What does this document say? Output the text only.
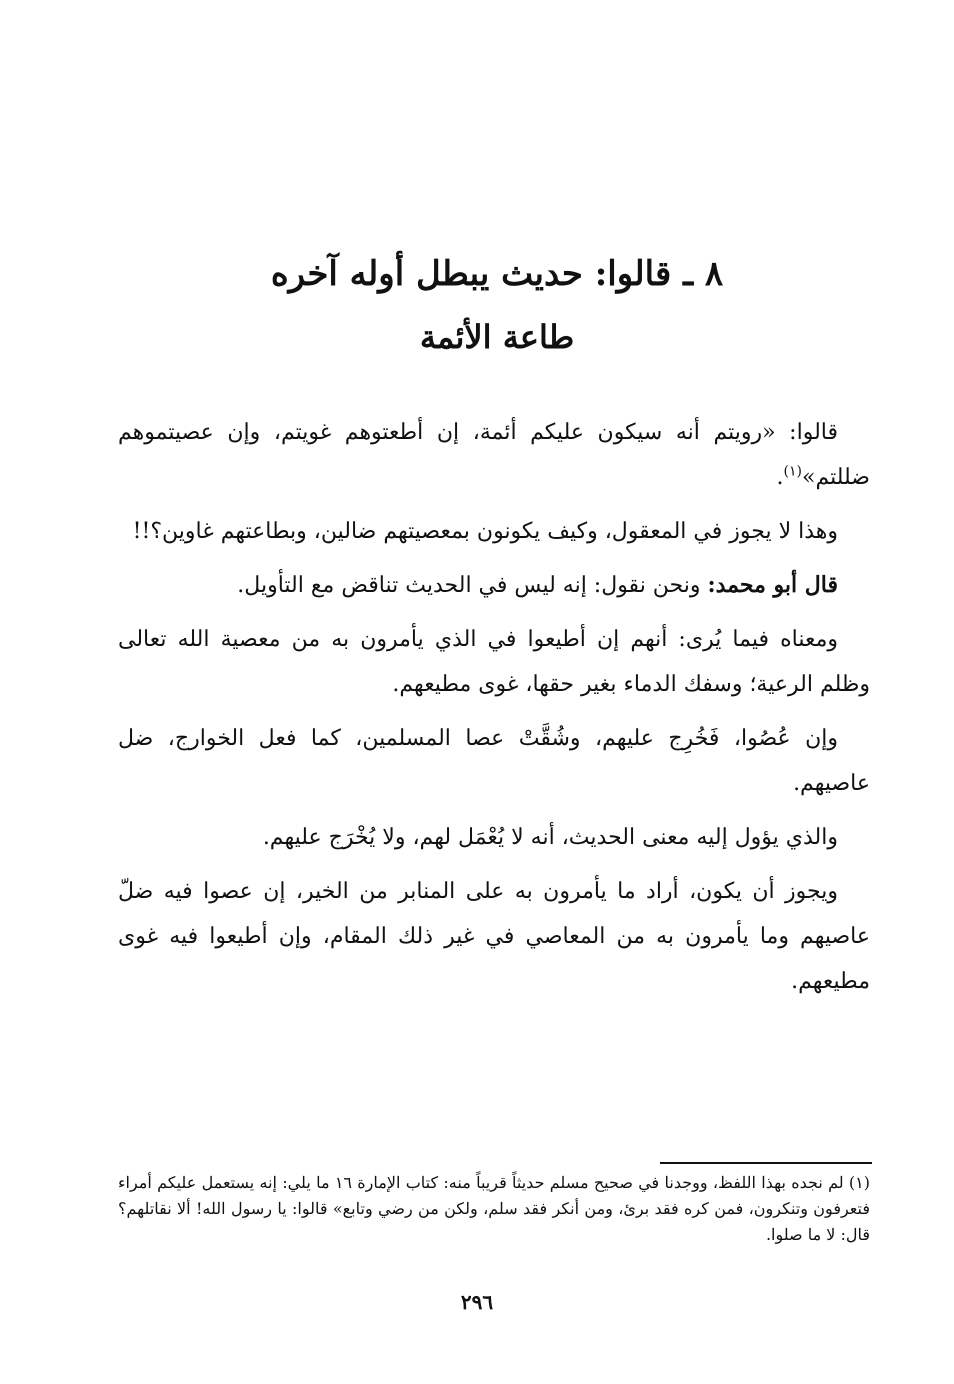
٨ ـ قالوا: حديث يبطل أوله آخره
طاعة الأئمة

قالوا: «رويتم أنه سيكون عليكم أئمة، إن أطعتوهم غويتم، وإن عصيتموهم ضللتم»$^{(١)}$.

وهذا لا يجوز في المعقول، وكيف يكونون بمعصيتهم ضالين، وبطاعتهم غاوين؟!!

قال أبو محمد: ونحن نقول: إنه ليس في الحديث تناقض مع التأويل.

ومعناه فيما يُرى: أنهم إن أطيعوا في الذي يأمرون به من معصية الله تعالى وظلم الرعية؛ وسفك الدماء بغير حقها، غوى مطيعهم.

وإن عُصُوا، فَخُرِج عليهم، وشُقَّتْ عصا المسلمين، كما فعل الخوارج، ضل عاصيهم.

والذي يؤول إليه معنى الحديث، أنه لا يُعْمَل لهم، ولا يُخْرَج عليهم.

ويجوز أن يكون، أراد ما يأمرون به على المنابر من الخير، إن عصوا فيه ضلّ عاصيهم وما يأمرون به من المعاصي في غير ذلك المقام، وإن أطيعوا فيه غوى مطيعهم.

(١) لم نجده بهذا اللفظ، ووجدنا في صحيح مسلم حديثاً قريباً منه: كتاب الإمارة ١٦ ما يلي: إنه يستعمل عليكم أمراء فتعرفون وتنكرون، فمن كره فقد برئ، ومن أنكر فقد سلم، ولكن من رضي وتابع» قالوا: يا رسول الله! ألا نقاتلهم؟ قال: لا ما صلوا.

٢٩٦
